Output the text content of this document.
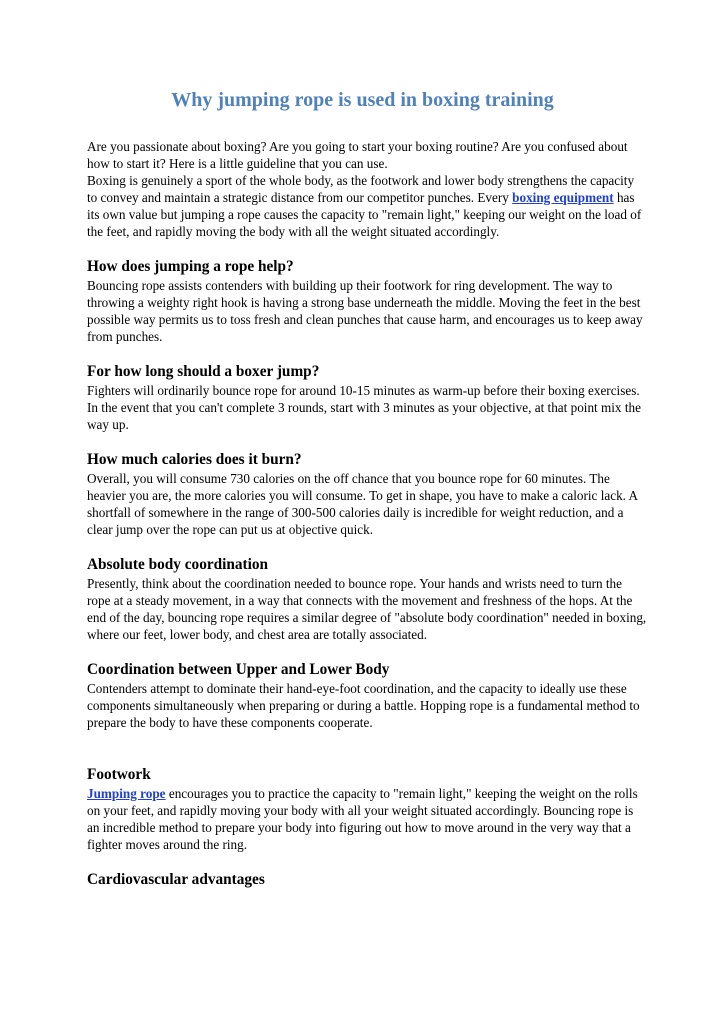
Why jumping rope is used in boxing training

Are you passionate about boxing? Are you going to start your boxing routine? Are you confused about how to start it? Here is a little guideline that you can use.

Boxing is genuinely a sport of the whole body, as the footwork and lower body strengthens the capacity to convey and maintain a strategic distance from our competitor punches. Every boxing equipment has its own value but jumping a rope causes the capacity to "remain light," keeping our weight on the load of the feet, and rapidly moving the body with all the weight situated accordingly.

How does jumping a rope help?

Bouncing rope assists contenders with building up their footwork for ring development. The way to throwing a weighty right hook is having a strong base underneath the middle. Moving the feet in the best possible way permits us to toss fresh and clean punches that cause harm, and encourages us to keep away from punches.

For how long should a boxer jump?

Fighters will ordinarily bounce rope for around 10-15 minutes as warm-up before their boxing exercises. In the event that you can't complete 3 rounds, start with 3 minutes as your objective, at that point mix the way up.

How much calories does it burn?

Overall, you will consume 730 calories on the off chance that you bounce rope for 60 minutes. The heavier you are, the more calories you will consume. To get in shape, you have to make a caloric lack. A shortfall of somewhere in the range of 300-500 calories daily is incredible for weight reduction, and a clear jump over the rope can put us at objective quick.

Absolute body coordination

Presently, think about the coordination needed to bounce rope. Your hands and wrists need to turn the rope at a steady movement, in a way that connects with the movement and freshness of the hops. At the end of the day, bouncing rope requires a similar degree of "absolute body coordination" needed in boxing, where our feet, lower body, and chest area are totally associated.

Coordination between Upper and Lower Body

Contenders attempt to dominate their hand-eye-foot coordination, and the capacity to ideally use these components simultaneously when preparing or during a battle. Hopping rope is a fundamental method to prepare the body to have these components cooperate.

Footwork

Jumping rope encourages you to practice the capacity to "remain light," keeping the weight on the rolls on your feet, and rapidly moving your body with all your weight situated accordingly. Bouncing rope is an incredible method to prepare your body into figuring out how to move around in the very way that a fighter moves around the ring.

Cardiovascular advantages
